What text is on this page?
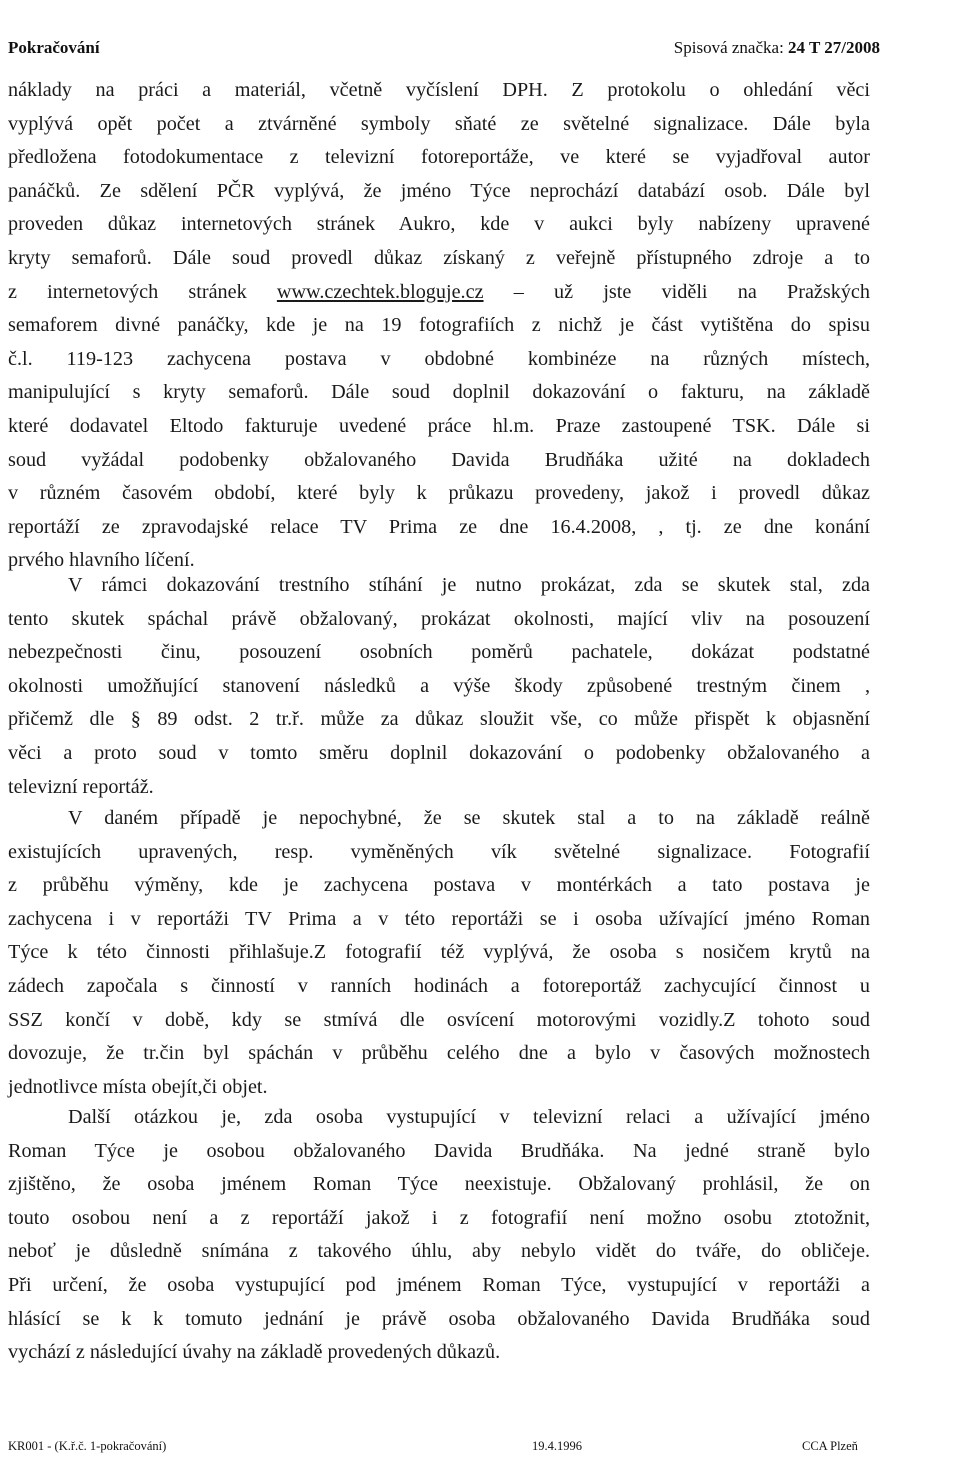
Pokračování	Spisová značka: 24 T 27/2008
náklady na práci a materiál, včetně vyčíslení DPH. Z protokolu o ohledání věci
vyplývá opět počet a ztvárněné symboly sňaté ze světelné signalizace. Dále byla
předložena fotodokumentace z televizní fotoreportáže, ve které se vyjadřoval autor
panáčků. Ze sdělení PČR vyplývá, že jméno Týce neprochází databází osob. Dále byl
proveden důkaz internetových stránek Aukro, kde v aukci byly nabízeny upravené
kryty semaforů. Dále soud provedl důkaz získaný z veřejně přístupného zdroje a to
z internetových stránek www.czechtek.bloguje.cz – už jste viděli na Pražských
semaforem divné panáčky, kde je na 19 fotografiích z nichž je část vytištěna do spisu
č.l. 119-123 zachycena postava v obdobné kombinéze na různých místech,
manipulující s kryty semaforů. Dále soud doplnil dokazování o fakturu, na základě
které dodavatel Eltodo fakturuje uvedené práce hl.m. Praze zastoupené TSK. Dále si
soud vyžádal podobenky obžalovaného Davida Brudňáka užité na dokladech
v různém časovém období, které byly k průkazu provedeny, jakož i provedl důkaz
reportáží ze zpravodajské relace TV Prima ze dne 16.4.2008, , tj. ze dne konání
prvého hlavního líčení.
V rámci dokazování trestního stíhání je nutno prokázat, zda se skutek stal, zda
tento skutek spáchal právě obžalovaný, prokázat okolnosti, mající vliv na posouzení
nebezpečnosti činu, posouzení osobních poměrů pachatele, dokázat podstatné
okolnosti umožňující stanovení následků a výše škody způsobené trestným činem ,
přičemž dle § 89 odst. 2 tr.ř. může za důkaz sloužit vše, co může přispět k objasnění
věci a proto soud v tomto směru doplnil dokazování o podobenky obžalovaného a
televizní reportáž.
V daném případě je nepochybné, že se skutek stal a to na základě reálně
existujících upravených, resp. vyměněných vík světelné signalizace. Fotografií
z průběhu výměny, kde je zachycena postava v montérkách a tato postava je
zachycena i v reportáži TV Prima a v této reportáži se i osoba užívající jméno Roman
Týce k této činnosti přihlašuje.Z fotografií též vyplývá, že osoba s nosičem krytů na
zádech započala s činností v ranních hodinách a fotoreportáž zachycující činnost u
SSZ končí v době, kdy se stmívá dle osvícení motorovými vozidly.Z tohoto soud
dovozuje, že tr.čin byl spáchán v průběhu celého dne a bylo v časových možnostech
jednotlivce místa obejít,či objet.
Další otázkou je, zda osoba vystupující v televizní relaci a užívající jméno
Roman Týce je osobou obžalovaného Davida Brudňáka. Na jedné straně bylo
zjištěno, že osoba jménem Roman Týce neexistuje. Obžalovaný prohlásil, že on
touto osobou není a z reportáží jakož i z fotografií není možno osobu ztotožnit,
neboť je důsledně snímána z takového úhlu, aby nebylo vidět do tváře, do obličeje.
Při určení, že osoba vystupující pod jménem Roman Týce, vystupující v reportáži a
hlásící se k k tomuto jednání je právě osoba obžalovaného Davida Brudňáka soud
vychází z následující úvahy na základě provedených důkazů.
KR001 - (K.ř.č. 1-pokračování)	19.4.1996	CCA Plzeň
